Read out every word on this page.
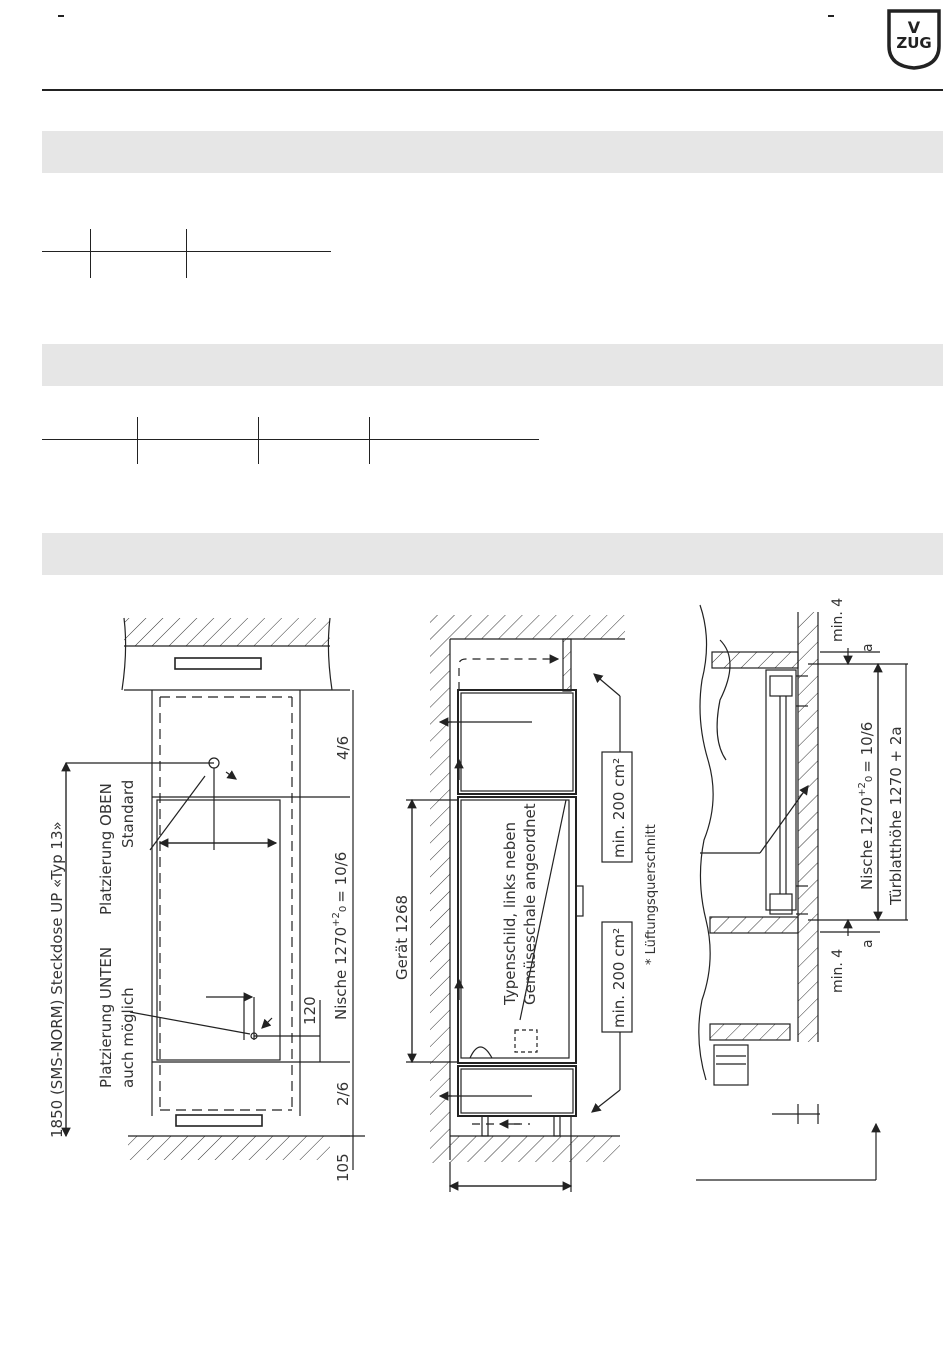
V
ZUG
1850 (SMS-NORM) Steckdose UP «Typ 13» Platzierung OBEN Standard
Platzierung UNTEN auch möglich
4/6
Nische $1270^{+2}_0= 10/6$
120
2/6
105
Gerät 1268	Typenschild, links neben Gemüseschale angeordnet	min. 200 cm²
min. 200 cm²
* Lüftungsquerschnitt
min. 4
a
Nische $1270^{+2}_0= 10/6$ Türblatthöhe 1270 + 2a
a
min. 4
